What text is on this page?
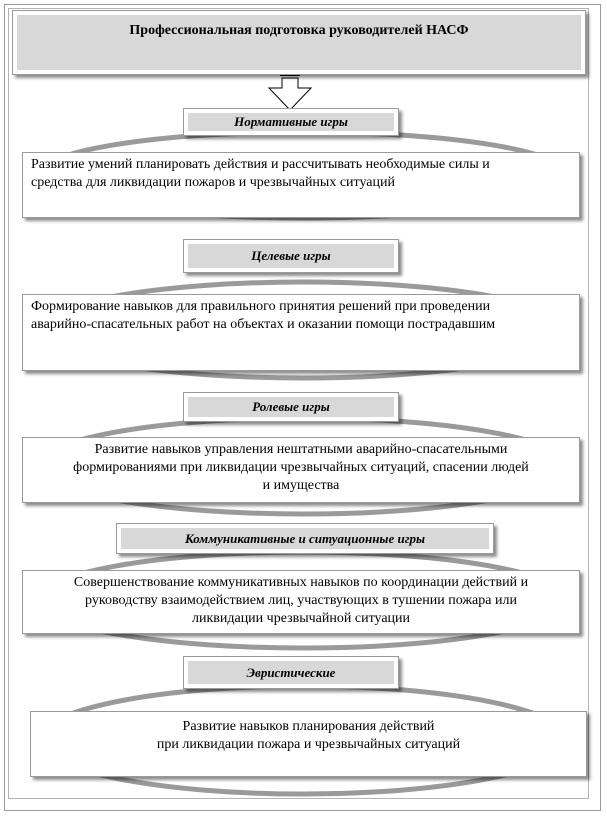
Профессиональная подготовка руководителей НАСФ
Нормативные игры
Развитие умений планировать действия и рассчитывать необходимые силы и
средства для ликвидации пожаров и чрезвычайных ситуаций
Целевые игры
Формирование навыков для правильного принятия решений при проведении
аварийно-спасательных работ на объектах и оказании помощи пострадавшим
Ролевые игры
Развитие навыков управления нештатными аварийно-спасательными
формированиями при ликвидации чрезвычайных ситуаций, спасении людей
и имущества
Коммуникативные и ситуационные игры
Совершенствование коммуникативных навыков по координации действий и
руководству взаимодействием лиц, участвующих в тушении пожара или
ликвидации чрезвычайной ситуации
Эвристические
Развитие навыков планирования действий
при ликвидации пожара и чрезвычайных ситуаций
